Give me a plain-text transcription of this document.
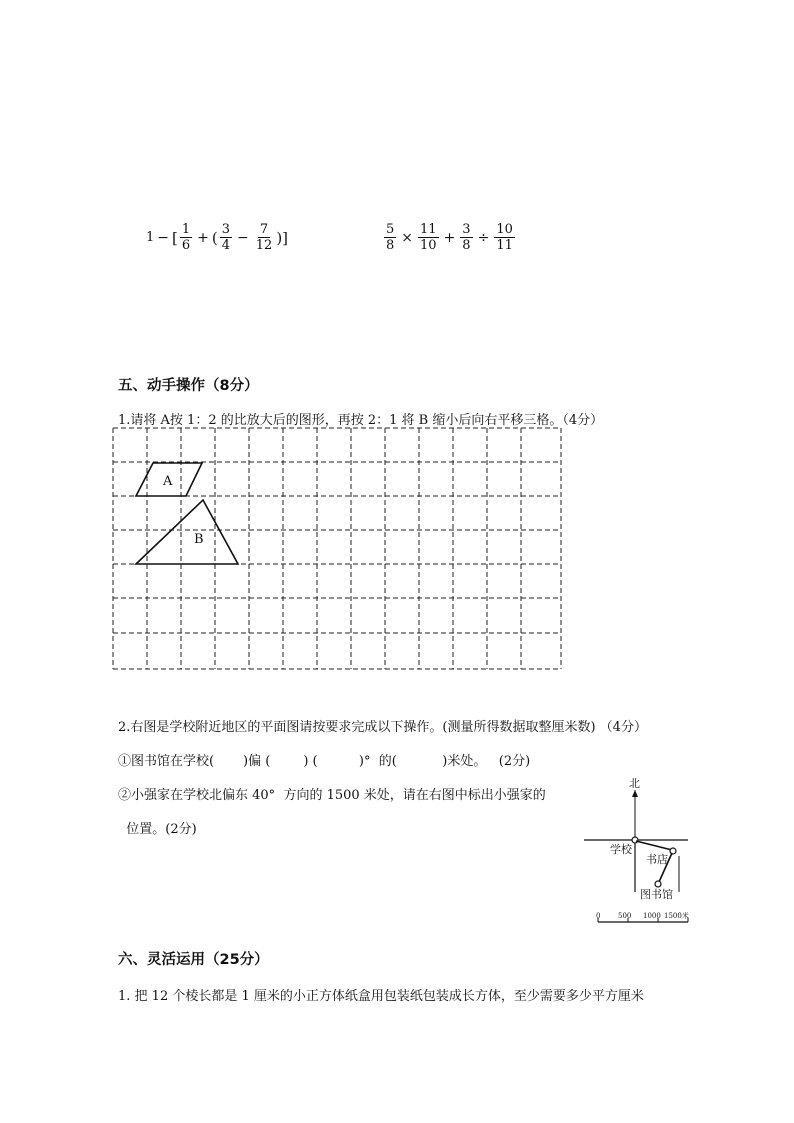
1 − [ $\frac{1}{6}$ + ( $\frac{3}{4} - \frac{7}{12}$ )]	$\frac{5}{8} \times \frac{11}{10} + \frac{3}{8} \div \frac{10}{11}$
五、动手操作（8分）
1.请将 A按 1：2 的比放大后的图形，再按 2：1 将 B 缩小后向右平移三格。（4分）
A
B
2.右图是学校附近地区的平面图请按要求完成以下操作。(测量所得数据取整厘米数) （4分）
①图书馆在学校(       )偏 (        ) (          )°  的(           )米处。   (2分)
②小强家在学校北偏东 40°  方向的 1500 米处，请在右图中标出小强家的
位置。(2分)
北
学校
书店
图书馆
0	500 1000 1500米
六、灵活运用（25分）
1. 把 12 个棱长都是 1 厘米的小正方体纸盒用包装纸包装成长方体，至少需要多少平方厘米
